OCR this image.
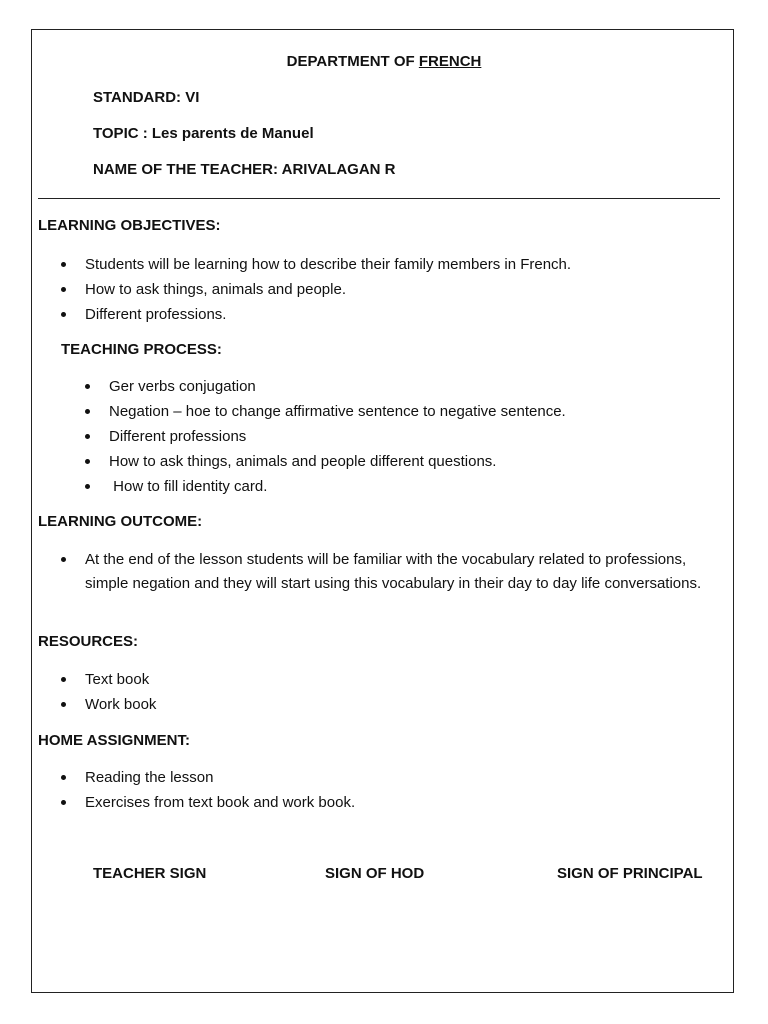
DEPARTMENT OF FRENCH
STANDARD: VI
TOPIC : Les parents de Manuel
NAME OF THE TEACHER: ARIVALAGAN R
LEARNING OBJECTIVES:
Students will be learning how to describe their family members in French.
How to ask things, animals and people.
Different professions.
TEACHING PROCESS:
Ger verbs conjugation
Negation – hoe to change affirmative sentence to negative sentence.
Different professions
How to ask things, animals and people different questions.
How to fill identity card.
LEARNING OUTCOME:
At the end of the lesson students will be familiar with the vocabulary related to professions, simple negation and they will start using this vocabulary in their day to day life conversations.
RESOURCES:
Text book
Work book
HOME ASSIGNMENT:
Reading the lesson
Exercises from text book and work book.
TEACHER SIGN	SIGN OF HOD	SIGN OF PRINCIPAL
